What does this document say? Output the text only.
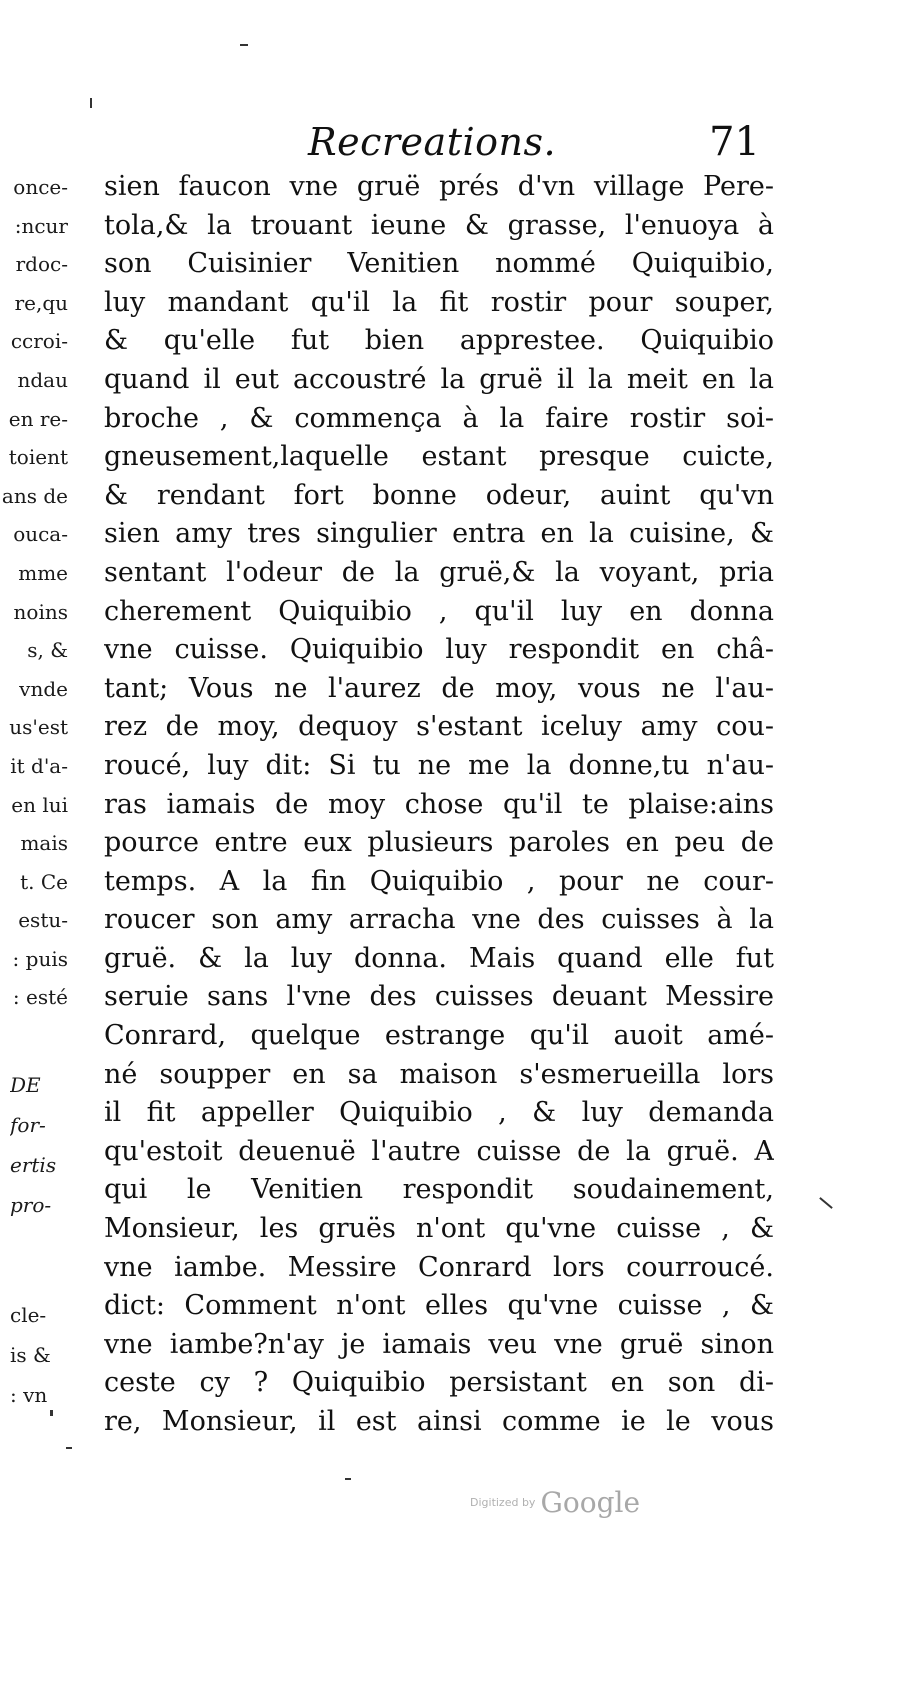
Recreations.	71
once-
:ncur
rdoc-
re,qu
ccroi-
ndau
en re-
toient
ans de
ouca-
mme
noins
s, &
vnde
us'est
it d'a-
en lui
mais
t. Ce
estu-
: puis
: esté
DE
for-
ertis
pro-
cle-
is &
: vn
sien faucon vne gruë prés d'vn village Pere-
tola,& la trouant ieune & grasse, l'enuoya à
son Cuisinier Venitien nommé Quiquibio,
luy mandant qu'il la fit rostir pour souper,
& qu'elle fut bien apprestee. Quiquibio
quand il eut accoustré la gruë il la meit en la
broche , & commença à la faire rostir soi-
gneusement,laquelle estant presque cuicte,
& rendant fort bonne odeur, auint qu'vn
sien amy tres singulier entra en la cuisine, &
sentant l'odeur de la gruë,& la voyant, pria
cherement Quiquibio , qu'il luy en donna
vne cuisse. Quiquibio luy respondit en châ-
tant; Vous ne l'aurez de moy, vous ne l'au-
rez de moy, dequoy s'estant iceluy amy cou-
roucé, luy dit: Si tu ne me la donne,tu n'au-
ras iamais de moy chose qu'il te plaise:ains
pource entre eux plusieurs paroles en peu de
temps. A la fin Quiquibio , pour ne cour-
roucer son amy arracha vne des cuisses à la
gruë. & la luy donna. Mais quand elle fut
seruie sans l'vne des cuisses deuant Messire
Conrard, quelque estrange qu'il auoit amé-
né soupper en sa maison s'esmerueilla lors
il fit appeller Quiquibio , & luy demanda
qu'estoit deuenuë l'autre cuisse de la gruë. A
qui le Venitien respondit soudainement,
Monsieur, les gruës n'ont qu'vne cuisse , &
vne iambe. Messire Conrard lors courroucé.
dict: Comment n'ont elles qu'vne cuisse , &
vne iambe?n'ay je iamais veu vne gruë sinon
ceste cy ? Quiquibio persistant en son di-
re, Monsieur, il est ainsi comme ie le vous
Digitized by Google
